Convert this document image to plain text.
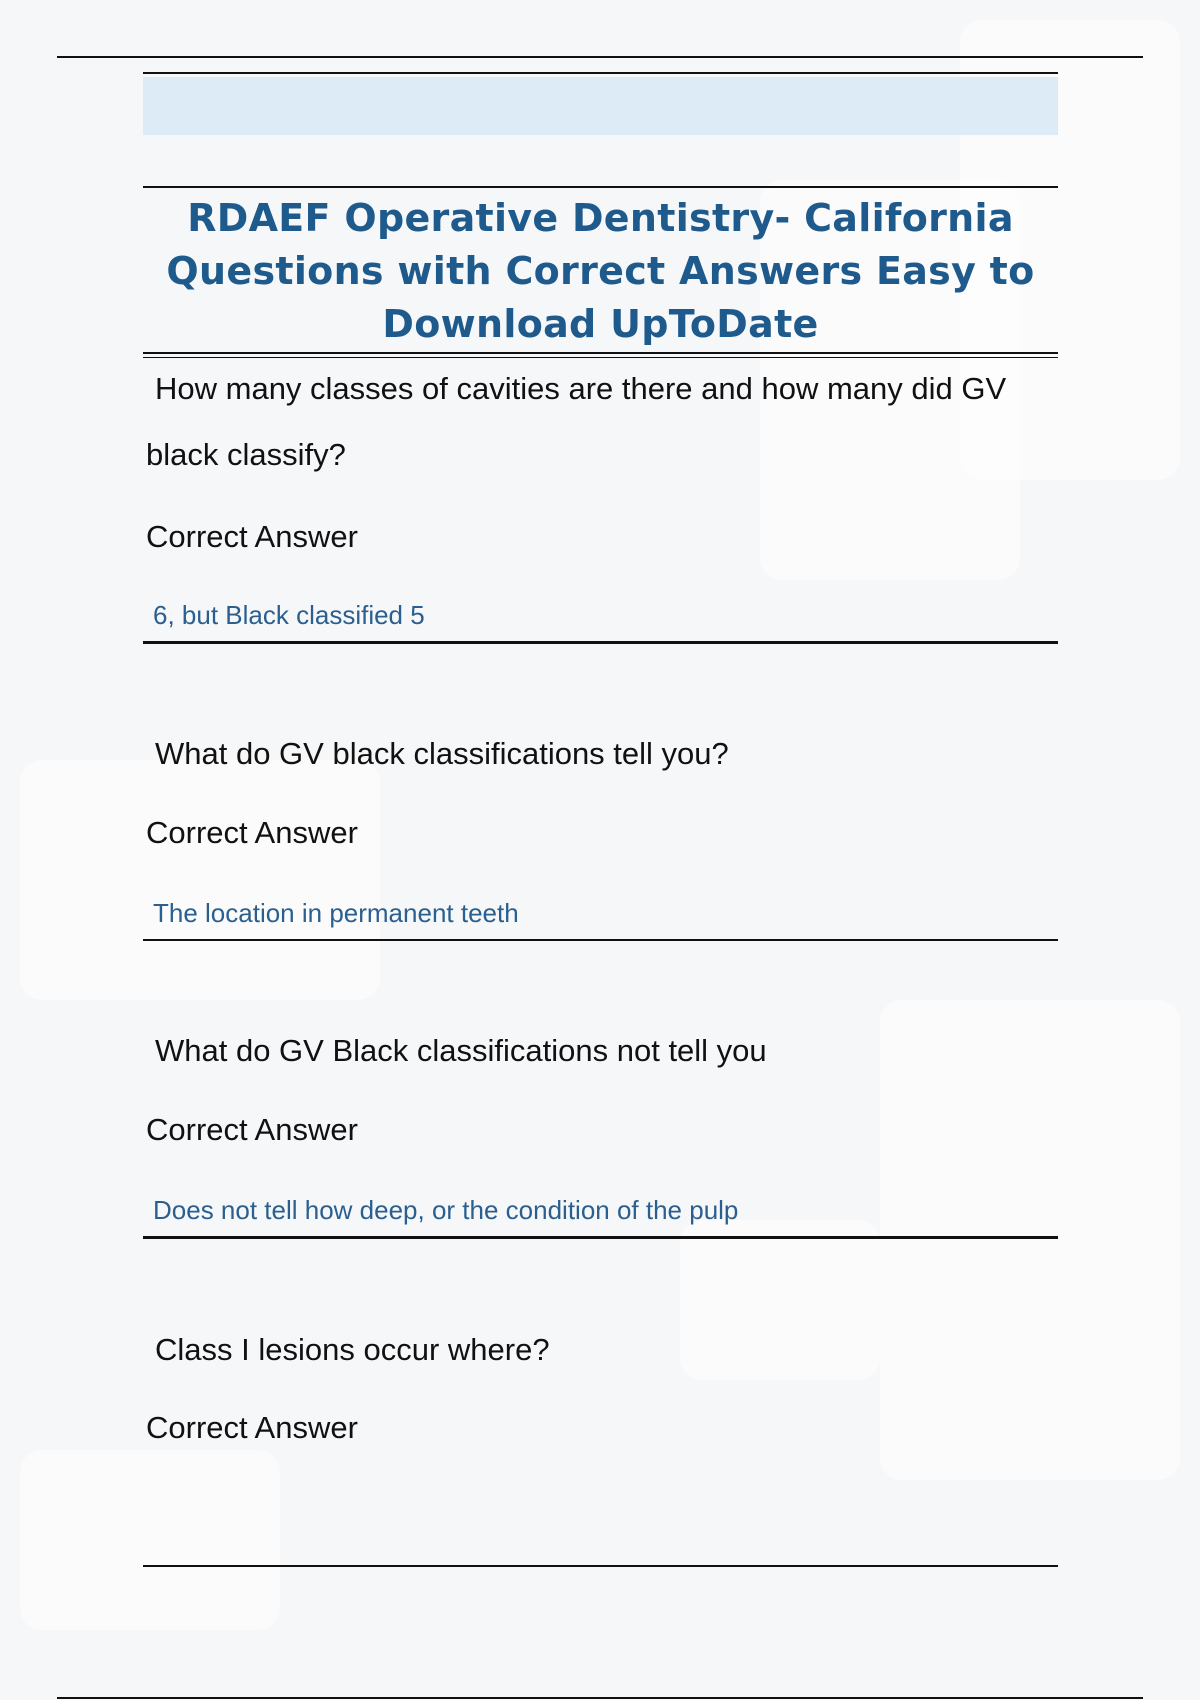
RDAEF Operative Dentistry- California Questions with Correct Answers Easy to Download UpToDate
How many classes of cavities are there and how many did GV black classify?
Correct Answer
6, but Black classified 5
What do GV black classifications tell you?
Correct Answer
The location in permanent teeth
What do GV Black classifications not tell you
Correct Answer
Does not tell how deep, or the condition of the pulp
Class I lesions occur where?
Correct Answer
